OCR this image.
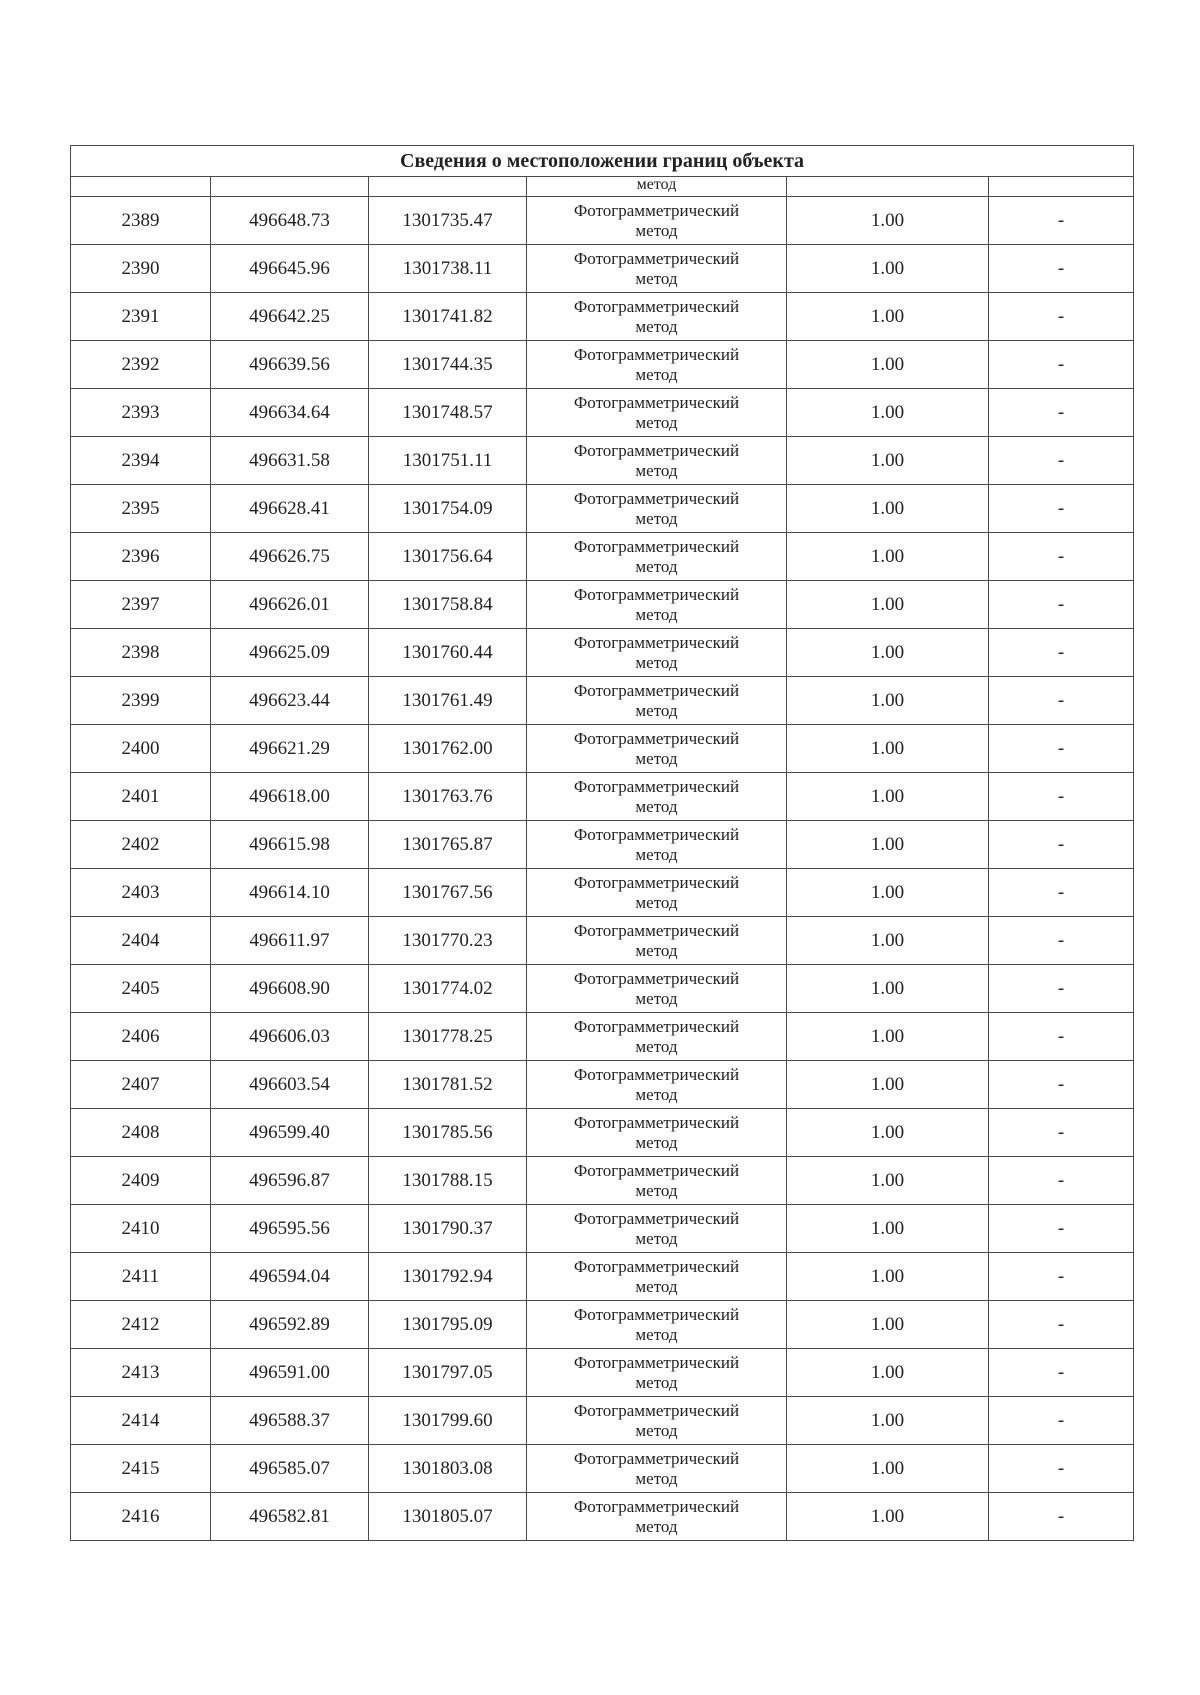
Сведения о местоположении границ объекта					
			метод		
2389	496648.73	1301735.47	Фотограмметрический
метод	1.00	-
2390	496645.96	1301738.11	Фотограмметрический
метод	1.00	-
2391	496642.25	1301741.82	Фотограмметрический
метод	1.00	-
2392	496639.56	1301744.35	Фотограмметрический
метод	1.00	-
2393	496634.64	1301748.57	Фотограмметрический
метод	1.00	-
2394	496631.58	1301751.11	Фотограмметрический
метод	1.00	-
2395	496628.41	1301754.09	Фотограмметрический
метод	1.00	-
2396	496626.75	1301756.64	Фотограмметрический
метод	1.00	-
2397	496626.01	1301758.84	Фотограмметрический
метод	1.00	-
2398	496625.09	1301760.44	Фотограмметрический
метод	1.00	-
2399	496623.44	1301761.49	Фотограмметрический
метод	1.00	-
2400	496621.29	1301762.00	Фотограмметрический
метод	1.00	-
2401	496618.00	1301763.76	Фотограмметрический
метод	1.00	-
2402	496615.98	1301765.87	Фотограмметрический
метод	1.00	-
2403	496614.10	1301767.56	Фотограмметрический
метод	1.00	-
2404	496611.97	1301770.23	Фотограмметрический
метод	1.00	-
2405	496608.90	1301774.02	Фотограмметрический
метод	1.00	-
2406	496606.03	1301778.25	Фотограмметрический
метод	1.00	-
2407	496603.54	1301781.52	Фотограмметрический
метод	1.00	-
2408	496599.40	1301785.56	Фотограмметрический
метод	1.00	-
2409	496596.87	1301788.15	Фотограмметрический
метод	1.00	-
2410	496595.56	1301790.37	Фотограмметрический
метод	1.00	-
2411	496594.04	1301792.94	Фотограмметрический
метод	1.00	-
2412	496592.89	1301795.09	Фотограмметрический
метод	1.00	-
2413	496591.00	1301797.05	Фотограмметрический
метод	1.00	-
2414	496588.37	1301799.60	Фотограмметрический
метод	1.00	-
2415	496585.07	1301803.08	Фотограмметрический
метод	1.00	-
2416	496582.81	1301805.07	Фотограмметрический
метод	1.00	-
